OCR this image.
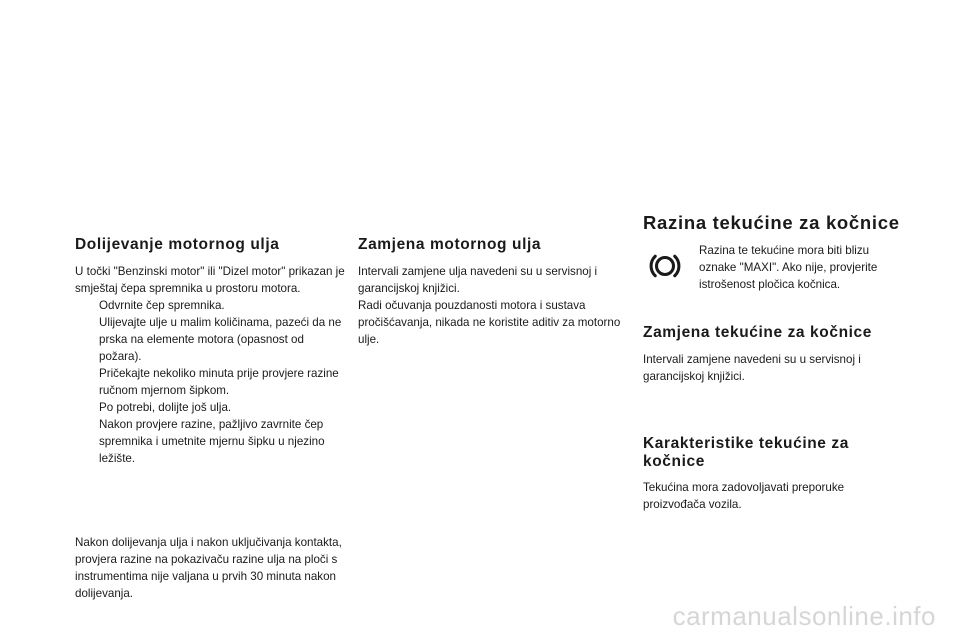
Dolijevanje motornog ulja

U točki "Benzinski motor" ili "Dizel motor" prikazan je smještaj čepa spremnika u prostoru motora.

Odvrnite čep spremnika.
Ulijevajte ulje u malim količinama, pazeći da ne prska na elemente motora (opasnost od požara).
Pričekajte nekoliko minuta prije provjere razine ručnom mjernom šipkom.
Po potrebi, dolijte još ulja.
Nakon provjere razine, pažljivo zavrnite čep spremnika i umetnite mjernu šipku u njezino ležište.

Nakon dolijevanja ulja i nakon uključivanja kontakta, provjera razine na pokazivaču razine ulja na ploči s instrumentima nije valjana u prvih 30 minuta nakon dolijevanja.

Zamjena motornog ulja

Intervali zamjene ulja navedeni su u servisnoj i garancijskoj knjižici.

Radi očuvanja pouzdanosti motora i sustava pročišćavanja, nikada ne koristite aditiv za motorno ulje.

Razina tekućine za kočnice

Razina te tekućine mora biti blizu oznake "MAXI". Ako nije, provjerite istrošenost pločica kočnica.

Zamjena tekućine za kočnice

Intervali zamjene navedeni su u servisnoj i garancijskoj knjižici.

Karakteristike tekućine za kočnice

Tekućina mora zadovoljavati preporuke proizvođača vozila.

carmanualsonline.info
